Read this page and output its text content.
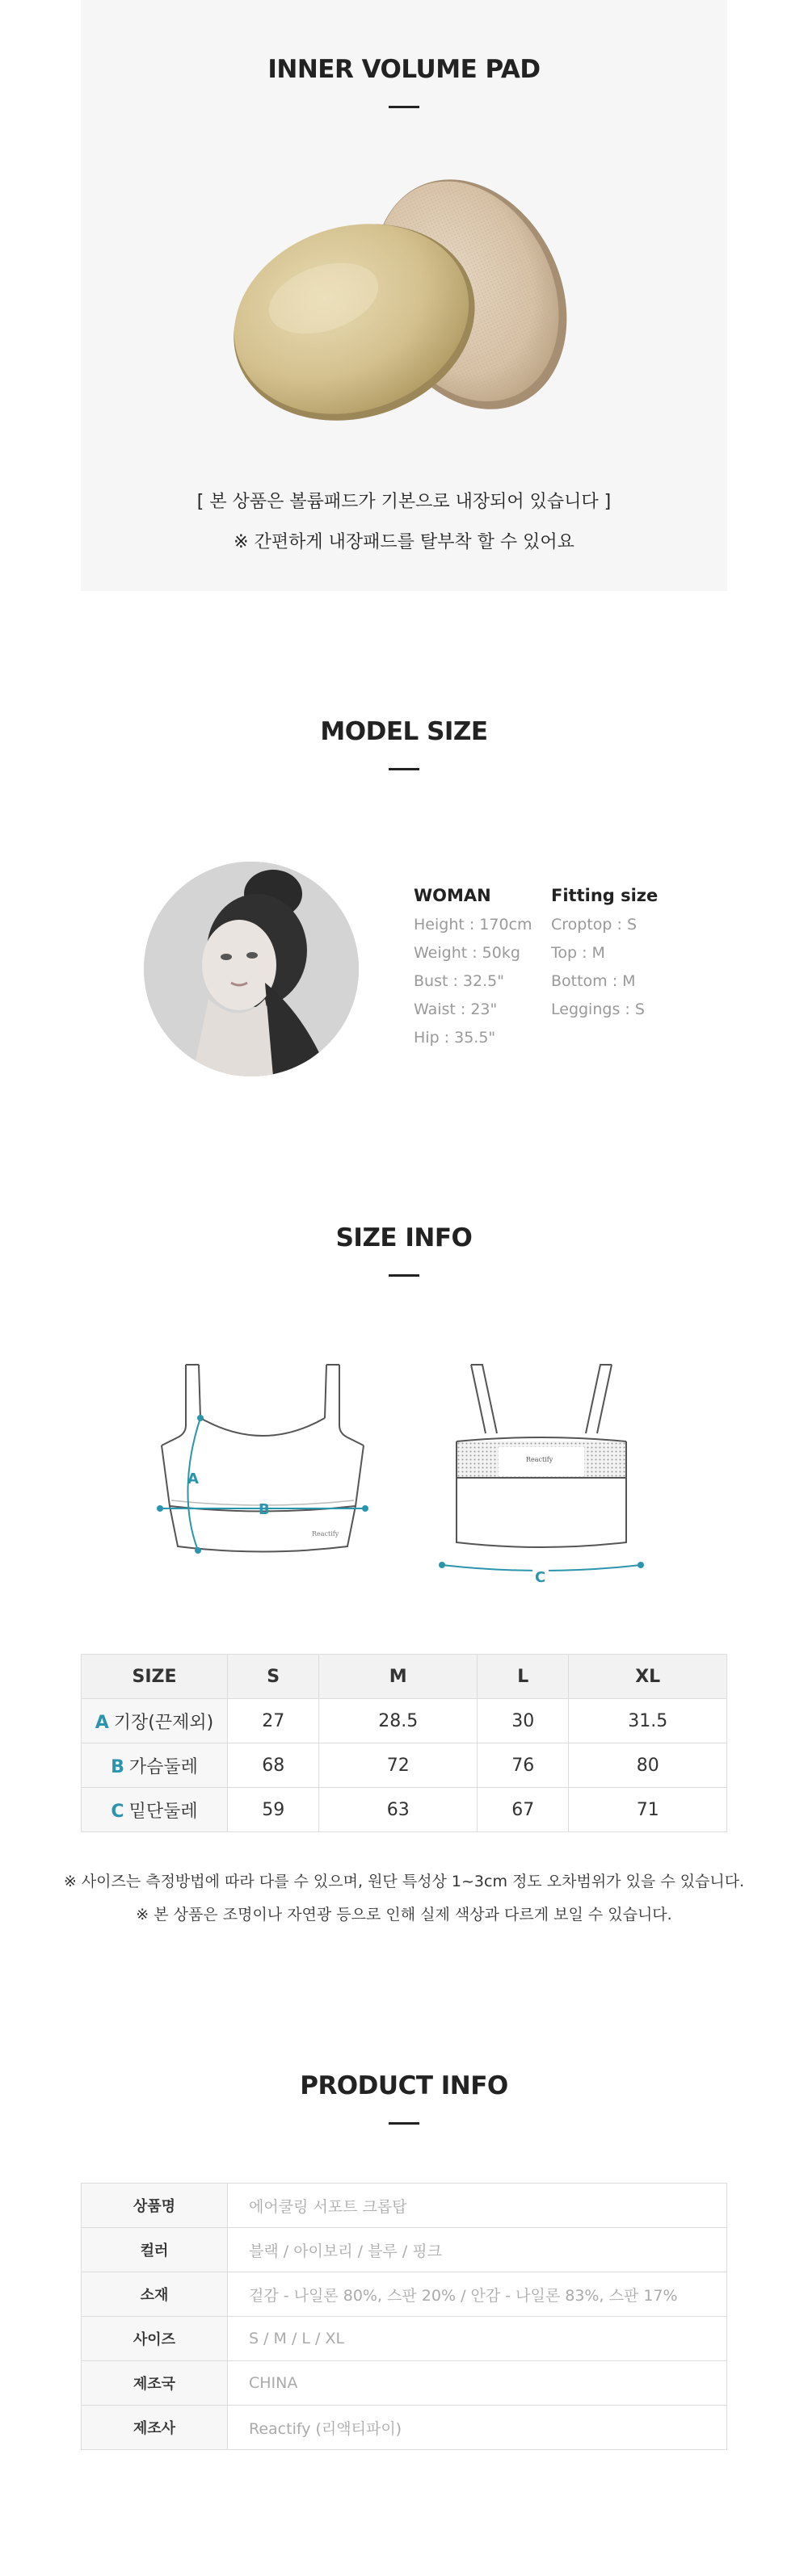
INNER VOLUME PAD
[ 본 상품은 볼륨패드가 기본으로 내장되어 있습니다 ]
※ 간편하게 내장패드를 탈부착 할 수 있어요
MODEL SIZE
WOMAN
Height : 170cm
Weight : 50kg
Bust : 32.5"
Waist : 23"
Hip : 35.5"
Fitting size
Croptop : S
Top : M
Bottom : M
Leggings : S
SIZE INFO
A
B
Reactify
Reactify
C
SIZE	S	M	L	XL
A 기장(끈제외)	27	28.5	30	31.5
B 가슴둘레	68	72	76	80
C 밑단둘레	59	63	67	71
※ 사이즈는 측정방법에 따라 다를 수 있으며, 원단 특성상 1~3cm 정도 오차범위가 있을 수 있습니다.
※ 본 상품은 조명이나 자연광 등으로 인해 실제 색상과 다르게 보일 수 있습니다.
PRODUCT INFO
상품명	에어쿨링 서포트 크롭탑
컬러	블랙 / 아이보리 / 블루 / 핑크
소재	겉감 - 나일론 80%, 스판 20% / 안감 - 나일론 83%, 스판 17%
사이즈	S / M / L / XL
제조국	CHINA
제조사	Reactify (리액티파이)
